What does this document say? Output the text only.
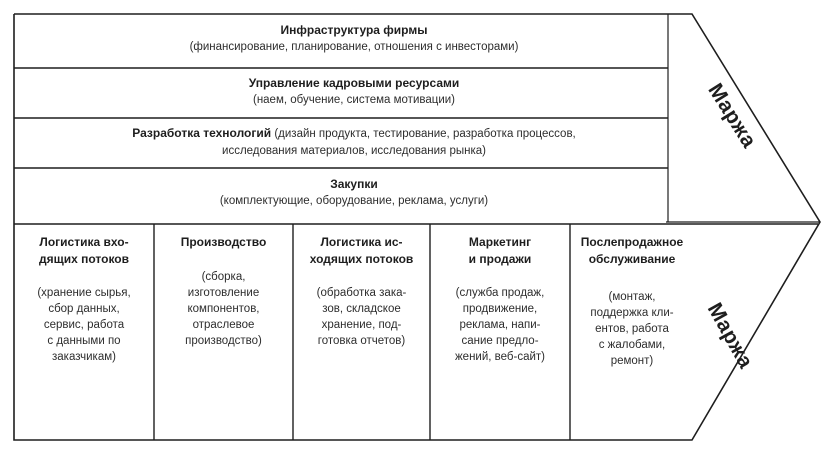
Инфраструктура фирмы
(финансирование, планирование, отношения с инвесторами)
Управление кадровыми ресурсами
(наем, обучение, система мотивации)
Разработка технологий (дизайн продукта, тестирование, разработка процессов,
исследования материалов, исследования рынка)
Закупки
(комплектующие, оборудование, реклама, услуги)
Логистика вхо-
дящих потоков
(хранение сырья,
сбор данных,
сервис, работа
с данными по
заказчикам)
Производство
(сборка,
изготовление
компонентов,
отраслевое
производство)
Логистика ис-
ходящих потоков
(обработка зака-
зов, складское
хранение, под-
готовка отчетов)
Маркетинг
и продажи
(служба продаж,
продвижение,
реклама, напи-
сание предло-
жений, веб-сайт)
Послепродажное
обслуживание
(монтаж,
поддержка кли-
ентов, работа
с жалобами,
ремонт)
Маржа
Маржа
